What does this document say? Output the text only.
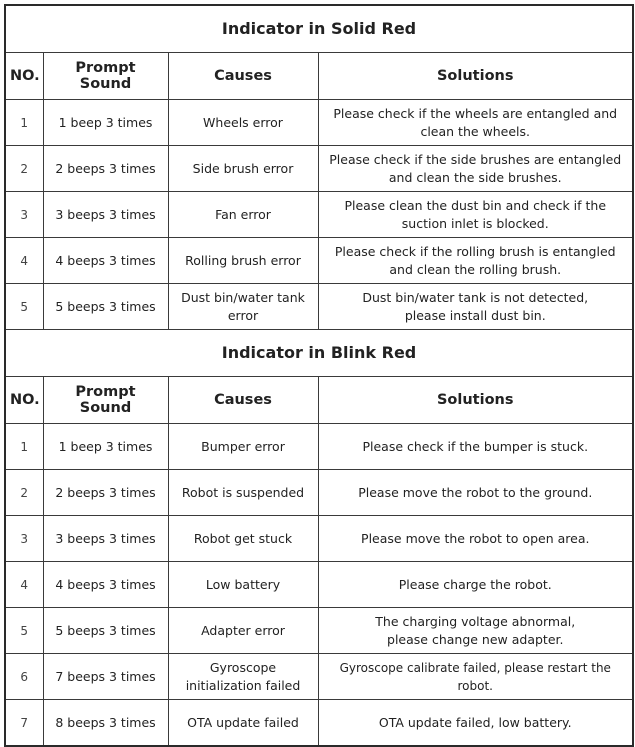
Indicator in Solid Red			
NO.	Prompt Sound	Causes	Solutions
1	1 beep 3 times	Wheels error	Please check if the wheels are entangled and
clean the wheels.
2	2 beeps 3 times	Side brush error	Please check if the side brushes are entangled
and clean the side brushes.
3	3 beeps 3 times	Fan error	Please clean the dust bin and check if the
suction inlet is blocked.
4	4 beeps 3 times	Rolling brush error	Please check if the rolling brush is entangled
and clean the rolling brush.
5	5 beeps 3 times	Dust bin/water tank
error	Dust bin/water tank is not detected,
please install dust bin.
Indicator in Blink Red			
NO.	Prompt Sound	Causes	Solutions
1	1 beep 3 times	Bumper error	Please check if the bumper is stuck.
2	2 beeps 3 times	Robot is suspended	Please move the robot to the ground.
3	3 beeps 3 times	Robot get stuck	Please move the robot to open area.
4	4 beeps 3 times	Low battery	Please charge the robot.
5	5 beeps 3 times	Adapter error	The charging voltage abnormal,
please change new adapter.
6	7 beeps 3 times	Gyroscope
initialization failed	Gyroscope calibrate failed, please restart the robot.
7	8 beeps 3 times	OTA update failed	OTA update failed, low battery.
